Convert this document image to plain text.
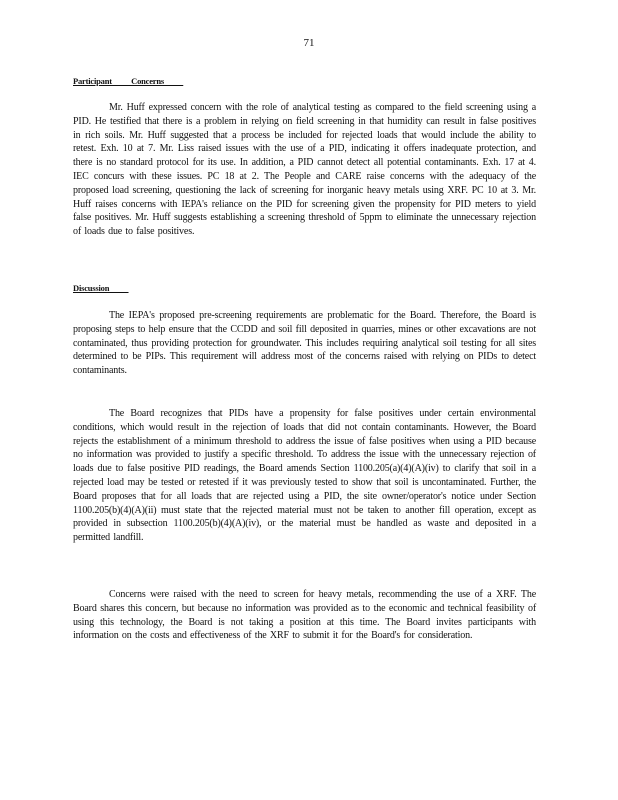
71
Participant          Concerns

Mr. Huff expressed concern with the role of analytical testing as compared to the field screening using a PID. He testified that there is a problem in relying on field screening in that humidity can result in false positives in rich soils. Mr. Huff suggested that a process be included for rejected loads that would include the ability to retest. Exh. 10 at 7. Mr. Liss raised issues with the use of a PID, indicating it offers inadequate protection, and there is no standard protocol for its use. In addition, a PID cannot detect all potential contaminants. Exh. 17 at 4. IEC concurs with these issues. PC 18 at 2. The People and CARE raise concerns with the adequacy of the proposed load screening, questioning the lack of screening for inorganic heavy metals using XRF. PC 10 at 3. Mr. Huff raises concerns with IEPA's reliance on the PID for screening given the propensity for PID meters to yield false positives. Mr. Huff suggests establishing a screening threshold of 5ppm to eliminate the unnecessary rejection of loads due to false positives.

Discussion

The IEPA's proposed pre-screening requirements are problematic for the Board. Therefore, the Board is proposing steps to help ensure that the CCDD and soil fill deposited in quarries, mines or other excavations are not contaminated, thus providing protection for groundwater. This includes requiring analytical soil testing for all sites determined to be PIPs. This requirement will address most of the concerns raised with relying on PIDs to detect contaminants.

The Board recognizes that PIDs have a propensity for false positives under certain environmental conditions, which would result in the rejection of loads that did not contain contaminants. However, the Board rejects the establishment of a minimum threshold to address the issue of false positives when using a PID because no information was provided to justify a specific threshold. To address the issue with the unnecessary rejection of loads due to false positive PID readings, the Board amends Section 1100.205(a)(4)(A)(iv) to clarify that soil in a rejected load may be tested or retested if it was previously tested to show that soil is uncontaminated. Further, the Board proposes that for all loads that are rejected using a PID, the site owner/operator's notice under Section 1100.205(b)(4)(A)(ii) must state that the rejected material must not be taken to another fill operation, except as provided in subsection 1100.205(b)(4)(A)(iv), or the material must be handled as waste and deposited in a permitted landfill.

Concerns were raised with the need to screen for heavy metals, recommending the use of a XRF. The Board shares this concern, but because no information was provided as to the economic and technical feasibility of using this technology, the Board is not taking a position at this time. The Board invites participants with information on the costs and effectiveness of the XRF to submit it for the Board's for consideration.
